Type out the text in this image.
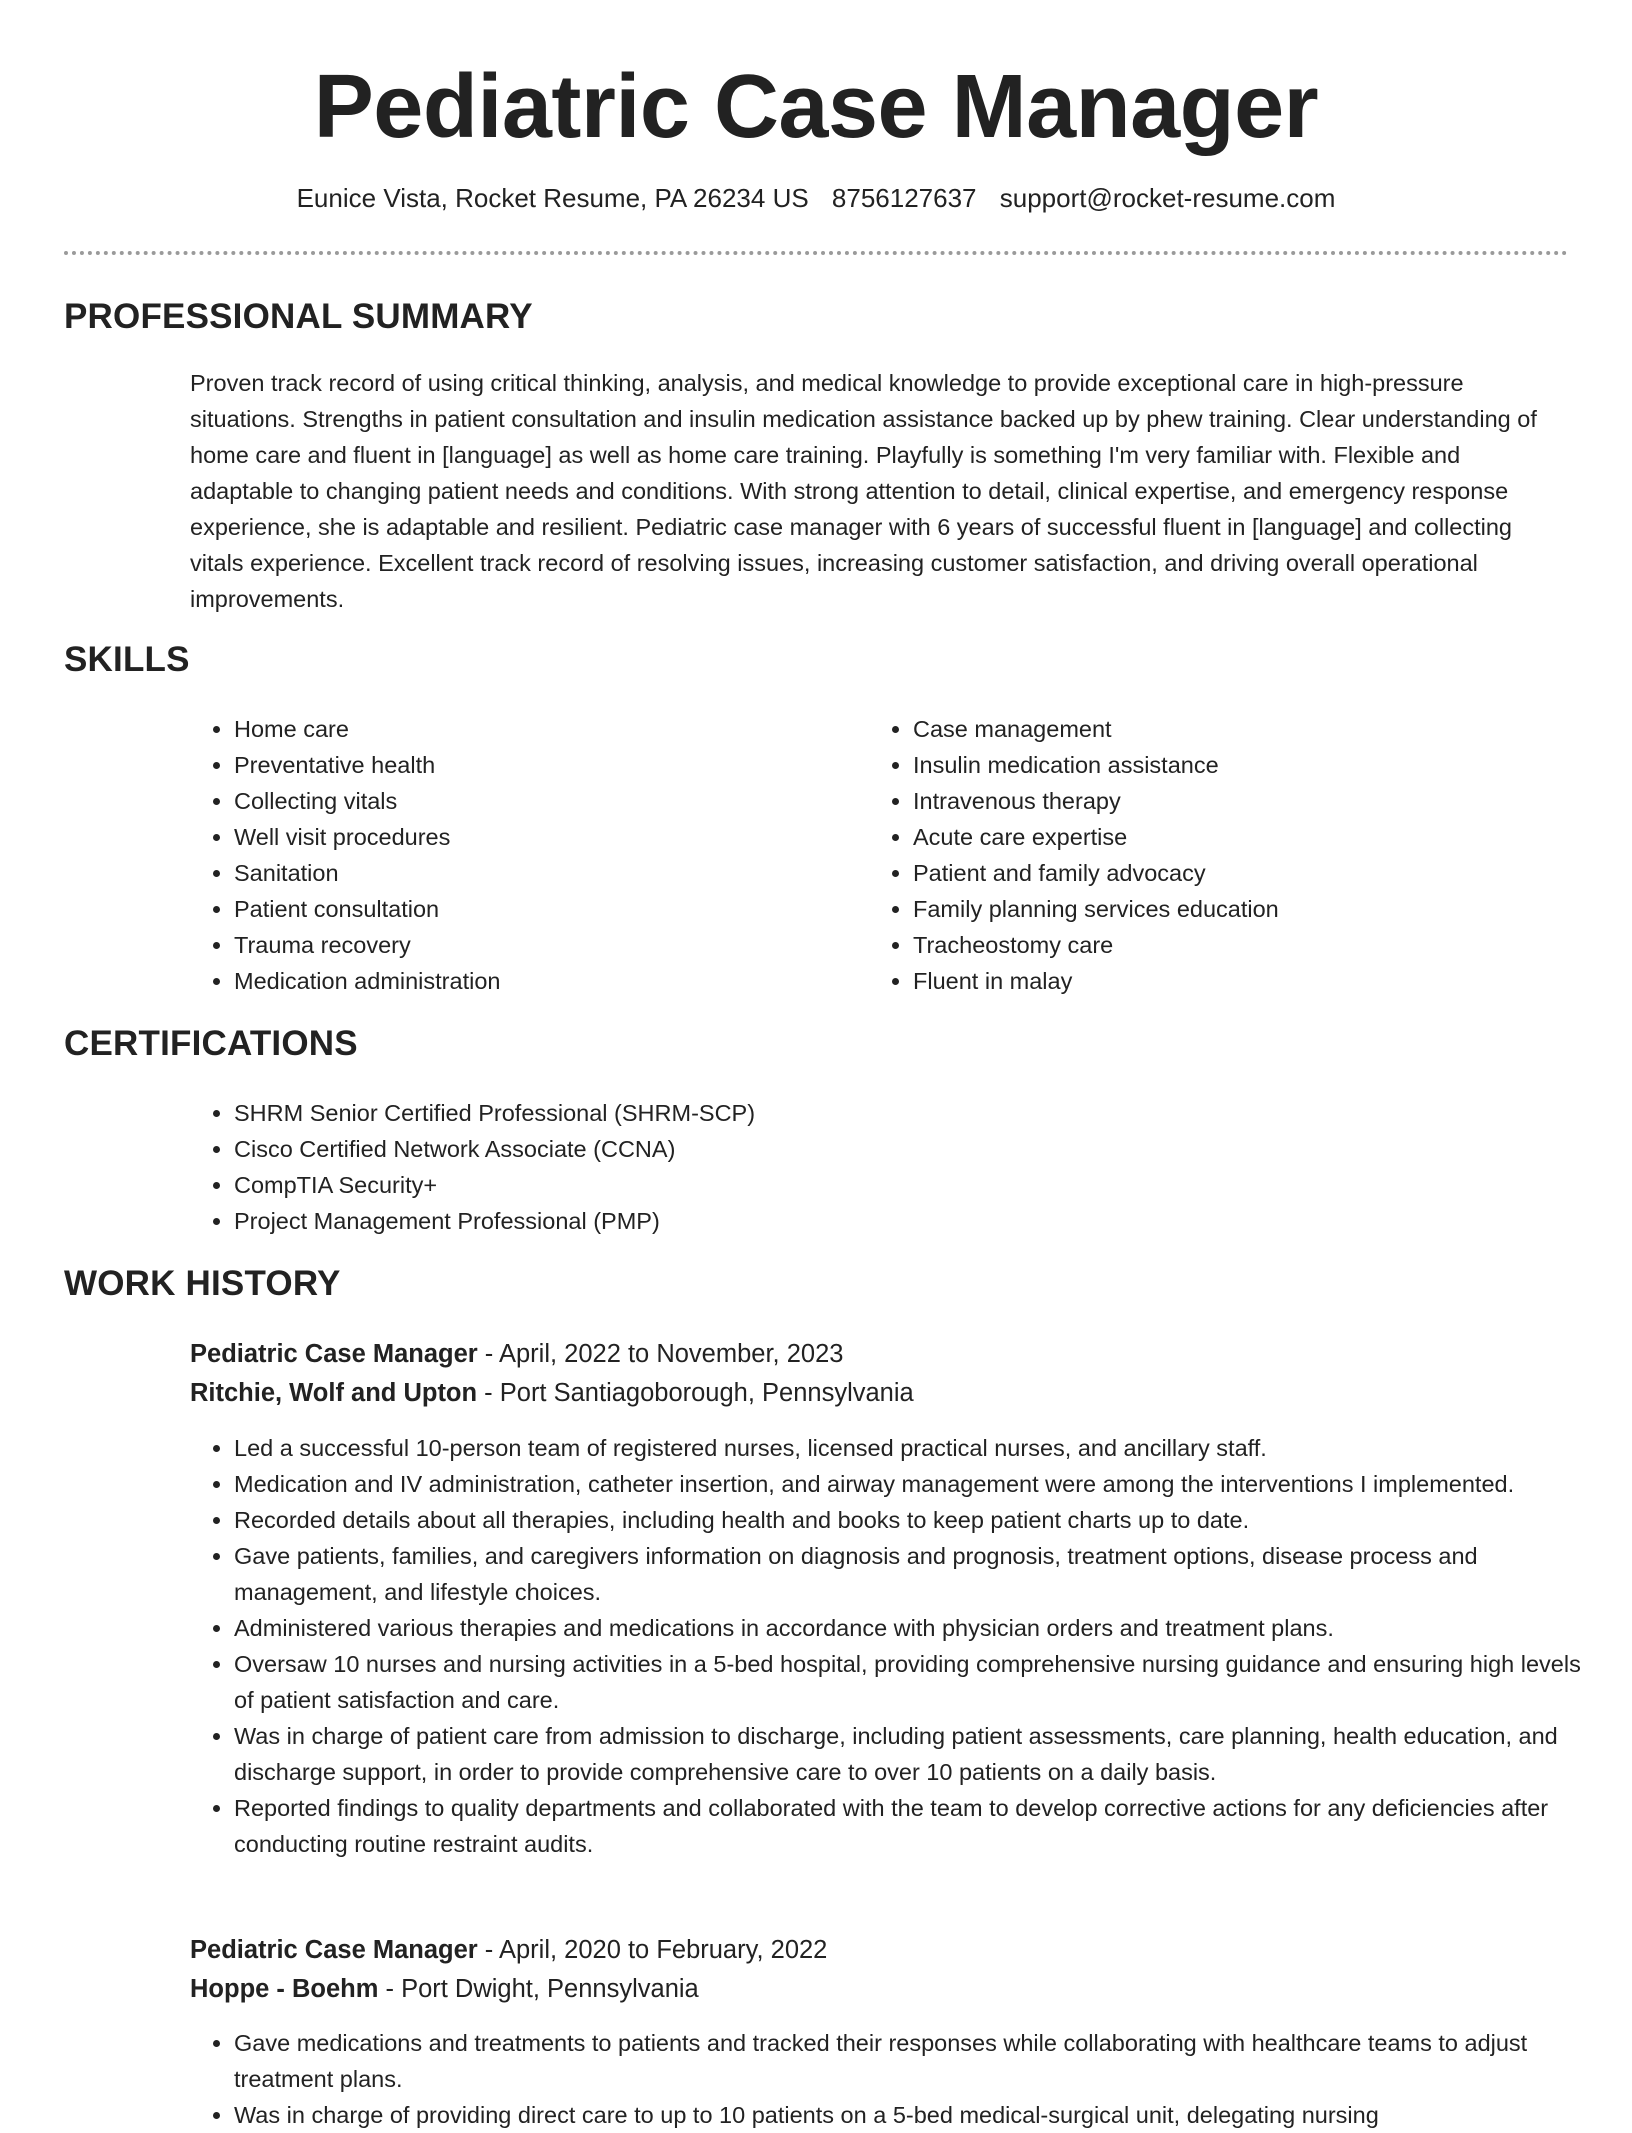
Pediatric Case Manager
Eunice Vista, Rocket Resume, PA 26234 US 8756127637 support@rocket-resume.com
PROFESSIONAL SUMMARY

Proven track record of using critical thinking, analysis, and medical knowledge to provide exceptional care in high-pressure situations. Strengths in patient consultation and insulin medication assistance backed up by phew training. Clear understanding of home care and fluent in [language] as well as home care training. Playfully is something I'm very familiar with. Flexible and adaptable to changing patient needs and conditions. With strong attention to detail, clinical expertise, and emergency response experience, she is adaptable and resilient. Pediatric case manager with 6 years of successful fluent in [language] and collecting vitals experience. Excellent track record of resolving issues, increasing customer satisfaction, and driving overall operational improvements.

SKILLS
• Home care
• Preventative health
• Collecting vitals
• Well visit procedures
• Sanitation
• Patient consultation
• Trauma recovery
• Medication administration
• Case management
• Insulin medication assistance
• Intravenous therapy
• Acute care expertise
• Patient and family advocacy
• Family planning services education
• Tracheostomy care
• Fluent in malay
CERTIFICATIONS
• SHRM Senior Certified Professional (SHRM-SCP)
• Cisco Certified Network Associate (CCNA)
• CompTIA Security+
• Project Management Professional (PMP)
WORK HISTORY
Pediatric Case Manager - April, 2022 to November, 2023
Ritchie, Wolf and Upton - Port Santiagoborough, Pennsylvania
• Led a successful 10-person team of registered nurses, licensed practical nurses, and ancillary staff.
• Medication and IV administration, catheter insertion, and airway management were among the interventions I implemented.
• Recorded details about all therapies, including health and books to keep patient charts up to date.
• Gave patients, families, and caregivers information on diagnosis and prognosis, treatment options, disease process and management, and lifestyle choices.
• Administered various therapies and medications in accordance with physician orders and treatment plans.
• Oversaw 10 nurses and nursing activities in a 5-bed hospital, providing comprehensive nursing guidance and ensuring high levels of patient satisfaction and care.
• Was in charge of patient care from admission to discharge, including patient assessments, care planning, health education, and discharge support, in order to provide comprehensive care to over 10 patients on a daily basis.
• Reported findings to quality departments and collaborated with the team to develop corrective actions for any deficiencies after conducting routine restraint audits.
Pediatric Case Manager - April, 2020 to February, 2022
Hoppe - Boehm - Port Dwight, Pennsylvania
• Gave medications and treatments to patients and tracked their responses while collaborating with healthcare teams to adjust treatment plans.
• Was in charge of providing direct care to up to 10 patients on a 5-bed medical-surgical unit, delegating nursing
